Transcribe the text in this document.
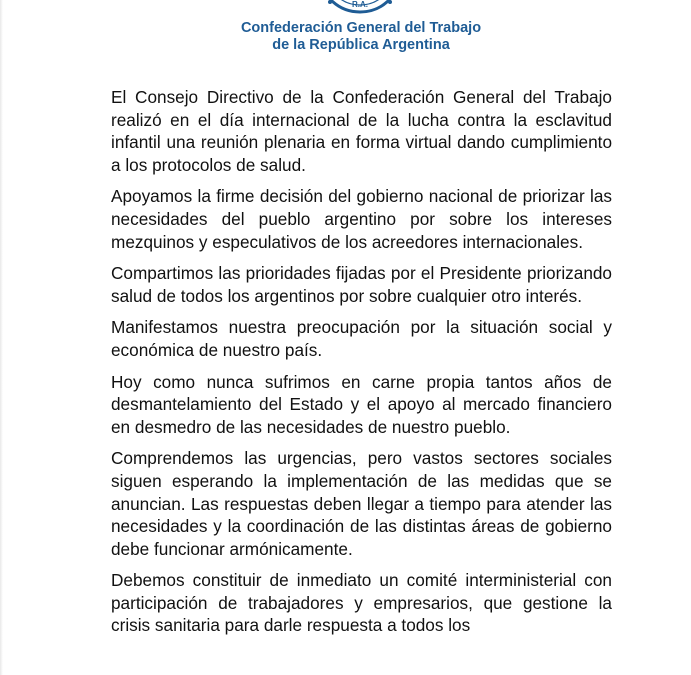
R.A.
Confederación General del Trabajo
de la República Argentina

El Consejo Directivo de la Confederación General del Trabajo realizó en el día internacional de la lucha contra la esclavitud infantil una reunión plenaria en forma virtual dando cumplimiento a los protocolos de salud.

Apoyamos la firme decisión del gobierno nacional de priorizar las necesidades del pueblo argentino por sobre los intereses mezquinos y especulativos de los acreedores internacionales.

Compartimos las prioridades fijadas por el Presidente priorizando salud de todos los argentinos por sobre cualquier otro interés.

Manifestamos nuestra preocupación por la situación social y económica de nuestro país.

Hoy como nunca sufrimos en carne propia tantos años de desmantelamiento del Estado y el apoyo al mercado financiero en desmedro de las necesidades de nuestro pueblo.

Comprendemos las urgencias, pero vastos sectores sociales siguen esperando la implementación de las medidas que se anuncian. Las respuestas deben llegar a tiempo para atender las necesidades y la coordinación de las distintas áreas de gobierno debe funcionar armónicamente.

Debemos constituir de inmediato un comité interministerial con participación de trabajadores y empresarios, que gestione la crisis sanitaria para darle respuesta a todos los
